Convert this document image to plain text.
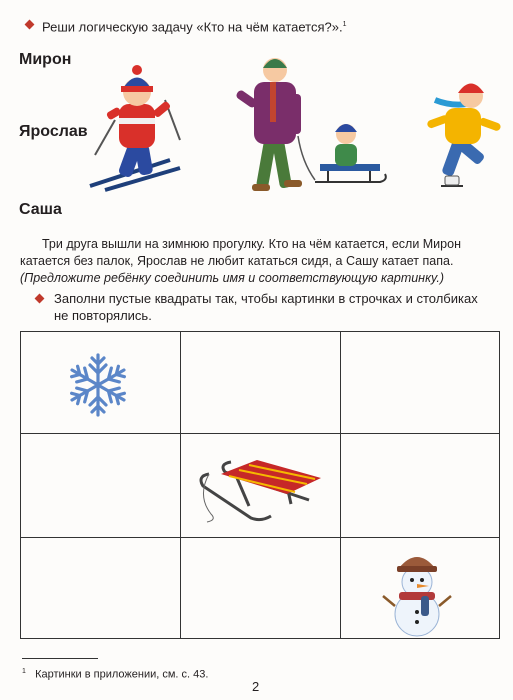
Реши логическую задачу «Кто на чём катается?».$^1$
Мирон
Ярослав
Саша
Три друга вышли на зимнюю прогулку. Кто на чём катается, если Мирон катается без палок, Ярослав не любит кататься сидя, а Сашу катает папа. (Предложите ребёнку соединить имя и соответствующую картинку.)
Заполни пустые квадраты так, чтобы картинки в строчках и столбиках не повторялись.
$^1$ Картинки в приложении, см. с. 43.
2
